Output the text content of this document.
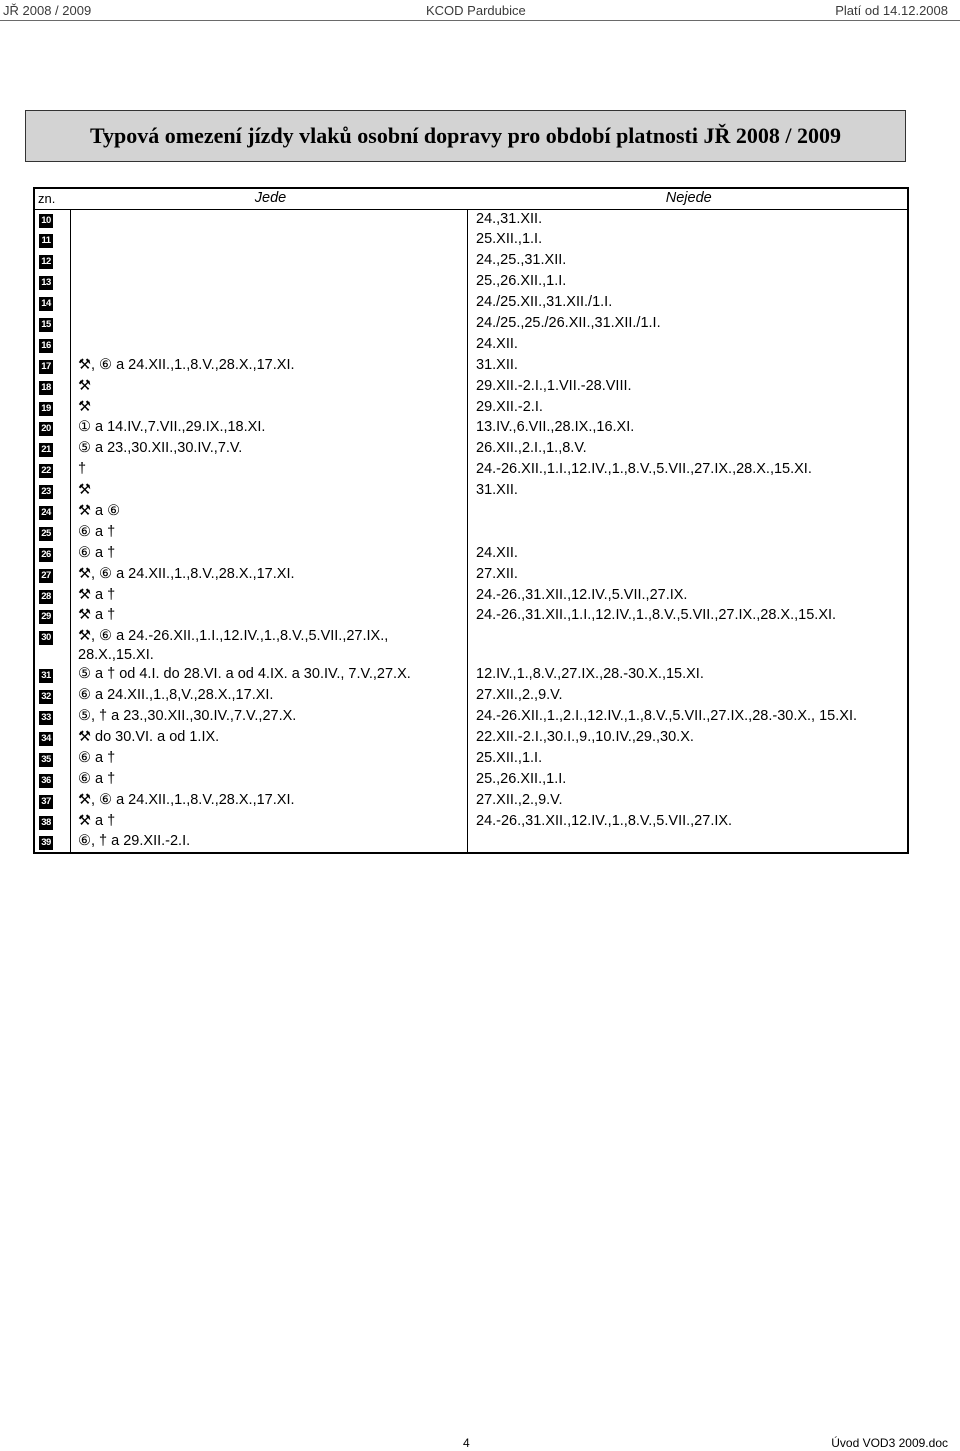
JŘ 2008 / 2009	KCOD Pardubice	Platí od 14.12.2008
Typová omezení jízdy vlaků osobní dopravy pro období platnosti JŘ 2008 / 2009
zn.	Jede	Nejede
10		24.,31.XII.
11		25.XII.,1.I.
12		24.,25.,31.XII.
13		25.,26.XII.,1.I.
14		24./25.XII.,31.XII./1.I.
15		24./25.,25./26.XII.,31.XII./1.I.
16		24.XII.
17	⚒, ⑥ a 24.XII.,1.,8.V.,28.X.,17.XI.	31.XII.
18	⚒	29.XII.-2.I.,1.VII.-28.VIII.
19	⚒	29.XII.-2.I.
20	① a 14.IV.,7.VII.,29.IX.,18.XI.	13.IV.,6.VII.,28.IX.,16.XI.
21	⑤ a 23.,30.XII.,30.IV.,7.V.	26.XII.,2.I.,1.,8.V.
22	†	24.-26.XII.,1.I.,12.IV.,1.,8.V.,5.VII.,27.IX.,28.X.,15.XI.
23	⚒	31.XII.
24	⚒ a ⑥	
25	⑥ a †	
26	⑥ a †	24.XII.
27	⚒, ⑥ a 24.XII.,1.,8.V.,28.X.,17.XI.	27.XII.
28	⚒ a †	24.-26.,31.XII.,12.IV.,5.VII.,27.IX.
29	⚒ a †	24.-26.,31.XII.,1.I.,12.IV.,1.,8.V.,5.VII.,27.IX.,28.X.,15.XI.
30	⚒, ⑥ a 24.-26.XII.,1.I.,12.IV.,1.,8.V.,5.VII.,27.IX., 28.X.,15.XI.	
31	⑤ a † od 4.I. do 28.VI. a od 4.IX. a 30.IV., 7.V.,27.X.	12.IV.,1.,8.V.,27.IX.,28.-30.X.,15.XI.
32	⑥ a 24.XII.,1.,8,V.,28.X.,17.XI.	27.XII.,2.,9.V.
33	⑤, † a 23.,30.XII.,30.IV.,7.V.,27.X.	24.-26.XII.,1.,2.I.,12.IV.,1.,8.V.,5.VII.,27.IX.,28.-30.X., 15.XI.
34	⚒ do 30.VI. a od 1.IX.	22.XII.-2.I.,30.I.,9.,10.IV.,29.,30.X.
35	⑥ a †	25.XII.,1.I.
36	⑥ a †	25.,26.XII.,1.I.
37	⚒, ⑥ a 24.XII.,1.,8.V.,28.X.,17.XI.	27.XII.,2.,9.V.
38	⚒ a †	24.-26.,31.XII.,12.IV.,1.,8.V.,5.VII.,27.IX.
39	⑥, † a 29.XII.-2.I.	
4	Úvod VOD3 2009.doc
